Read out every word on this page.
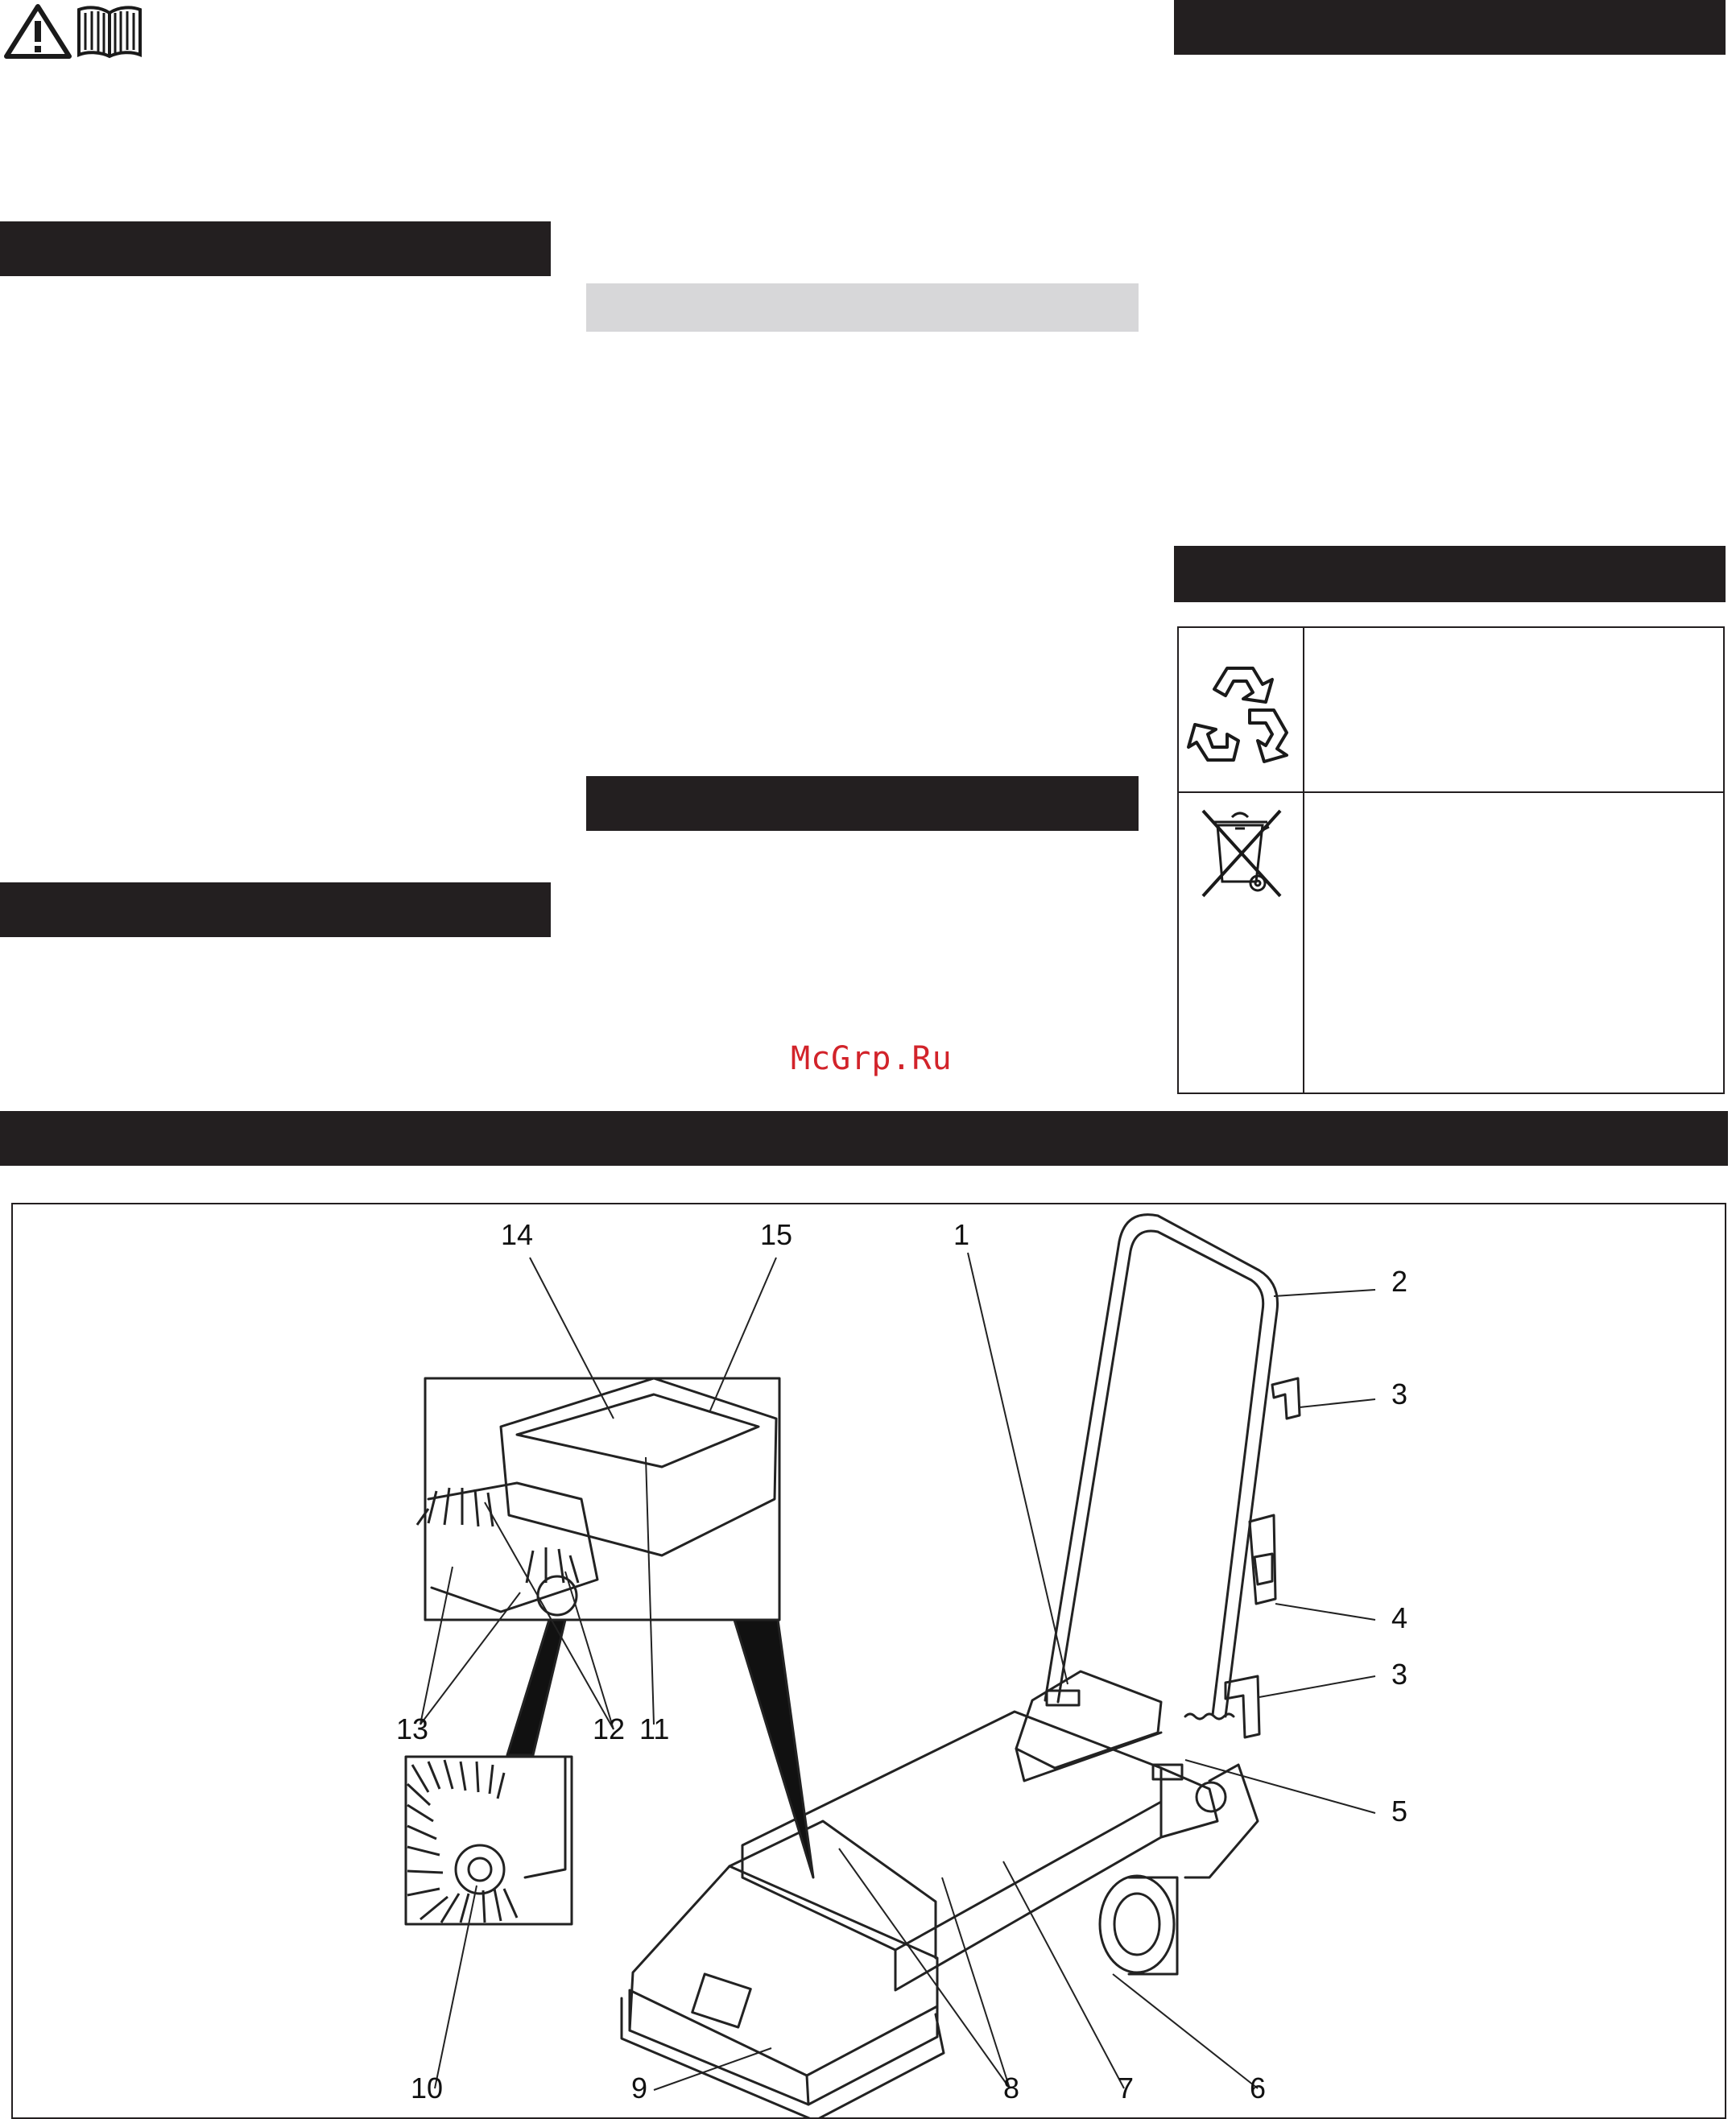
McGrp.Ru

1
2
3
3
4
5
6
7
8
9
10
11
12
13
14	15
